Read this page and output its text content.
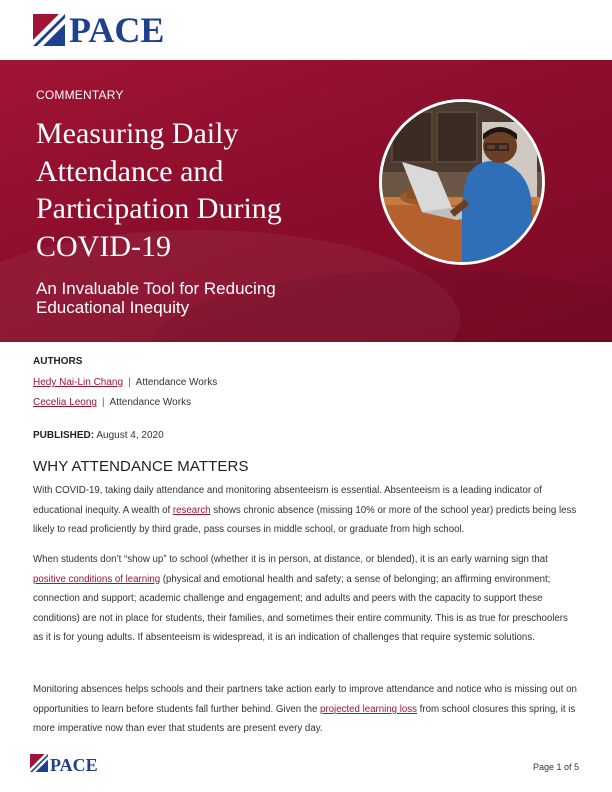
PACE
COMMENTARY
Measuring Daily
Attendance and
Participation During
COVID-19
An Invaluable Tool for Reducing
Educational Inequity
AUTHORS
Hedy Nai-Lin Chang | Attendance Works
Cecelia Leong | Attendance Works
PUBLISHED: August 4, 2020
WHY ATTENDANCE MATTERS

With COVID-19, taking daily attendance and monitoring absenteeism is essential. Absenteeism is a leading indicator of educational inequity. A wealth of research shows chronic absence (missing 10% or more of the school year) predicts being less likely to read proficiently by third grade, pass courses in middle school, or graduate from high school.

When students don’t “show up” to school (whether it is in person, at distance, or blended), it is an early warning sign that positive conditions of learning (physical and emotional health and safety; a sense of belonging; an affirming environment; connection and support; academic challenge and engagement; and adults and peers with the capacity to support these conditions) are not in place for students, their families, and sometimes their entire community. This is as true for preschoolers as it is for young adults. If absenteeism is widespread, it is an indication of challenges that require systemic solutions.

Monitoring absences helps schools and their partners take action early to improve attendance and notice who is missing out on opportunities to learn before students fall further behind. Given the projected learning loss from school closures this spring, it is more imperative now than ever that students are present every day.

PACE	Page 1 of 5
